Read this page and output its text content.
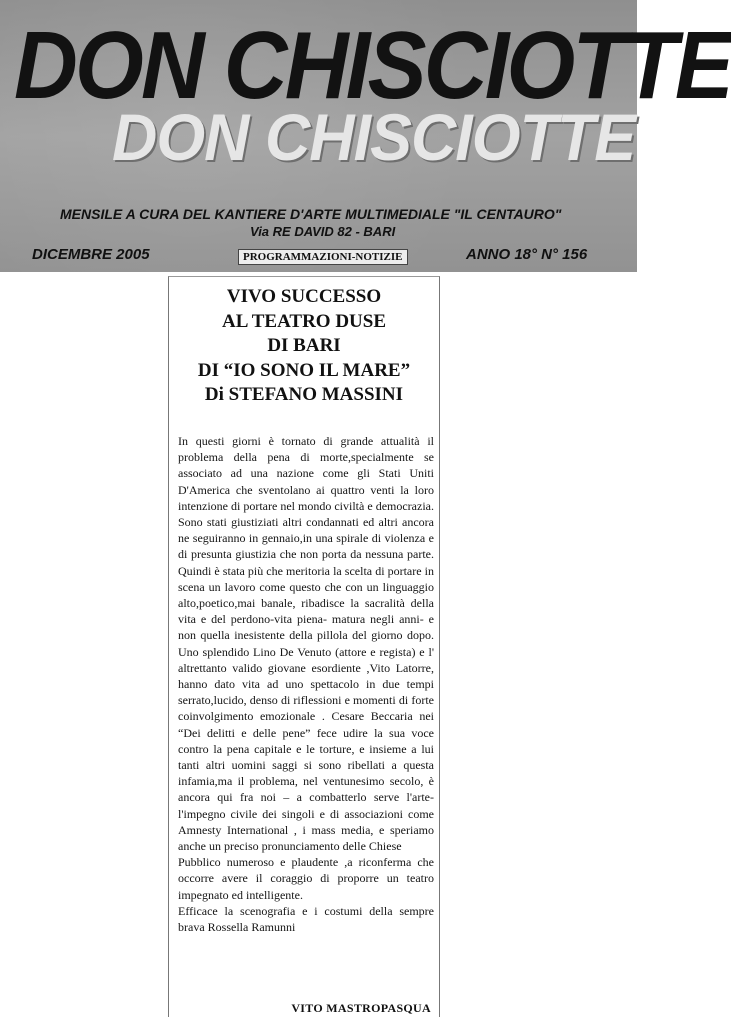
DON CHISCIOTTE
DON CHISCIOTTE
MENSILE A CURA DEL KANTIERE D'ARTE MULTIMEDIALE "IL CENTAURO"
Via RE DAVID 82 - BARI
DICEMBRE 2005	PROGRAMMAZIONI-NOTIZIE	ANNO 18° N° 156
VIVO SUCCESSO
AL TEATRO DUSE
DI BARI
DI “IO SONO IL MARE”
Di STEFANO MASSINI

In questi giorni è tornato di grande attualità il problema della pena di morte,specialmente se associato ad una nazione come gli Stati Uniti D'America che sventolano ai quattro venti la loro intenzione di portare nel mondo civiltà e democrazia. Sono stati giustiziati altri condannati ed altri ancora ne seguiranno in gennaio,in una spirale di violenza e di presunta giustizia che non porta da nessuna parte. Quindi è stata più che meritoria la scelta di portare in scena un lavoro come questo che con un linguaggio alto,poetico,mai banale, ribadisce la sacralità della vita e del perdono-vita piena- matura negli anni- e non quella inesistente della pillola del giorno dopo. Uno splendido Lino De Venuto (attore e regista) e l' altrettanto valido giovane esordiente ,Vito Latorre, hanno dato vita ad uno spettacolo in due tempi serrato,lucido, denso di riflessioni e momenti di forte coinvolgimento emozionale . Cesare Beccaria nei “Dei delitti e delle pene” fece udire la sua voce contro la pena capitale e le torture, e insieme a lui tanti altri uomini saggi si sono ribellati a questa infamia,ma il problema, nel ventunesimo secolo, è ancora qui fra noi – a combatterlo serve l'arte- l'impegno civile dei singoli e di associazioni come Amnesty International , i mass media, e speriamo anche un preciso pronunciamento delle Chiese

Pubblico numeroso e plaudente ,a riconferma che occorre avere il coraggio di proporre un teatro impegnato ed intelligente.

Efficace la scenografia e i costumi della sempre brava Rossella Ramunni

VITO MASTROPASQUA
